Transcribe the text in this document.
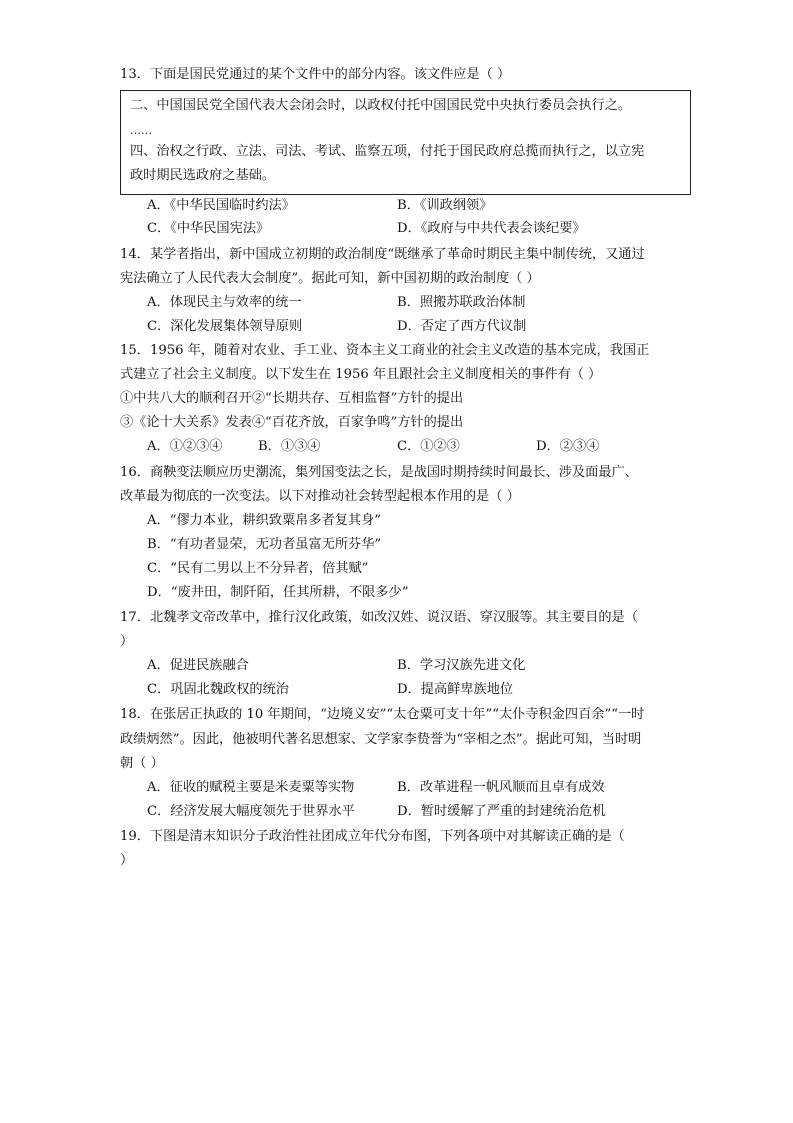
13．下面是国民党通过的某个文件中的部分内容。该文件应是（ ）
二、中国国民党全国代表大会闭会时，以政权付托中国国民党中央执行委员会执行之。
……
四、治权之行政、立法、司法、考试、监察五项，付托于国民政府总揽而执行之，以立宪
政时期民选政府之基础。
A．《中华民国临时约法》	B．《训政纲领》
C．《中华民国宪法》	D．《政府与中共代表会谈纪要》
14．某学者指出，新中国成立初期的政治制度“既继承了革命时期民主集中制传统，又通过
宪法确立了人民代表大会制度”。据此可知，新中国初期的政治制度（ ）
A．体现民主与效率的统一	B．照搬苏联政治体制
C．深化发展集体领导原则	D．否定了西方代议制
15．1956 年，随着对农业、手工业、资本主义工商业的社会主义改造的基本完成，我国正
式建立了社会主义制度。以下发生在 1956 年且跟社会主义制度相关的事件有（ ）
①中共八大的顺利召开②“长期共存、互相监督”方针的提出
③《论十大关系》发表④“百花齐放，百家争鸣”方针的提出
A．①②③④	B．①③④	C．①②③	D．②③④
16．商鞅变法顺应历史潮流，集列国变法之长，是战国时期持续时间最长、涉及面最广、
改革最为彻底的一次变法。以下对推动社会转型起根本作用的是（ ）
A．“僇力本业，耕织致粟帛多者复其身”
B．“有功者显荣，无功者虽富无所芬华”
C．“民有二男以上不分异者，倍其赋”
D．“废井田，制阡陌，任其所耕，不限多少”
17．北魏孝文帝改革中，推行汉化政策，如改汉姓、说汉语、穿汉服等。其主要目的是（
）
A．促进民族融合	B．学习汉族先进文化
C．巩固北魏政权的统治	D．提高鲜卑族地位
18．在张居正执政的 10 年期间，“边境义安”“太仓粟可支十年”“太仆寺积金四百余”“一时
政绩炳然”。因此，他被明代著名思想家、文学家李贽誉为“宰相之杰”。据此可知，当时明
朝（ ）
A．征收的赋税主要是米麦粟等实物	B．改革进程一帆风顺而且卓有成效
C．经济发展大幅度领先于世界水平	D．暂时缓解了严重的封建统治危机
19．下图是清末知识分子政治性社团成立年代分布图，下列各项中对其解读正确的是（
）
